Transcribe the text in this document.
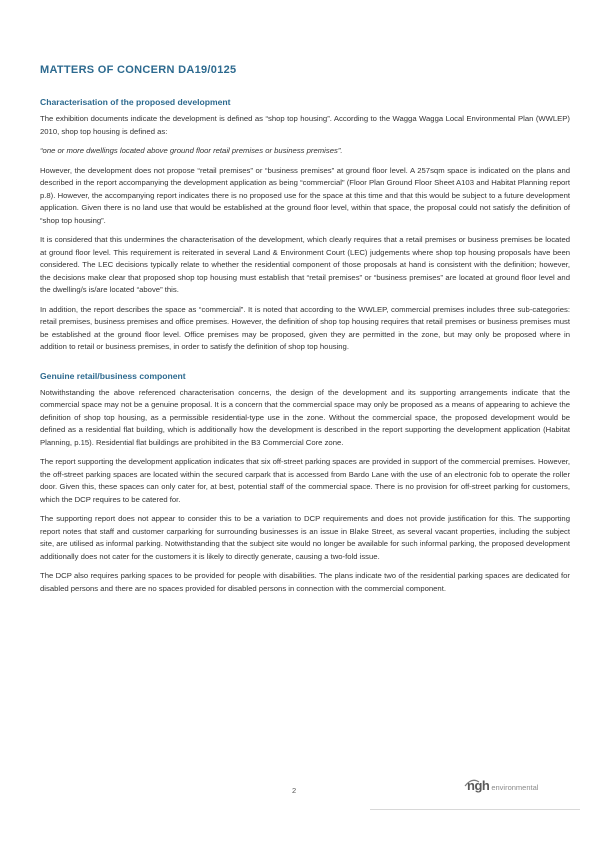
MATTERS OF CONCERN DA19/0125
Characterisation of the proposed development

The exhibition documents indicate the development is defined as “shop top housing”. According to the Wagga Wagga Local Environmental Plan (WWLEP) 2010, shop top housing is defined as:

“one or more dwellings located above ground floor retail premises or business premises”.

However, the development does not propose “retail premises” or “business premises” at ground floor level. A 257sqm space is indicated on the plans and described in the report accompanying the development application as being “commercial” (Floor Plan Ground Floor Sheet A103 and Habitat Planning report p.8). However, the accompanying report indicates there is no proposed use for the space at this time and that this would be subject to a future development application. Given there is no land use that would be established at the ground floor level, within that space, the proposal could not satisfy the definition of “shop top housing”.

It is considered that this undermines the characterisation of the development, which clearly requires that a retail premises or business premises be located at ground floor level. This requirement is reiterated in several Land & Environment Court (LEC) judgements where shop top housing proposals have been considered. The LEC decisions typically relate to whether the residential component of those proposals at hand is consistent with the definition; however, the decisions make clear that proposed shop top housing must establish that “retail premises” or “business premises” are located at ground floor level and the dwelling/s is/are located “above” this.

In addition, the report describes the space as “commercial”. It is noted that according to the WWLEP, commercial premises includes three sub-categories: retail premises, business premises and office premises. However, the definition of shop top housing requires that retail premises or business premises must be established at the ground floor level. Office premises may be proposed, given they are permitted in the zone, but may only be proposed where in addition to retail or business premises, in order to satisfy the definition of shop top housing.

Genuine retail/business component

Notwithstanding the above referenced characterisation concerns, the design of the development and its supporting arrangements indicate that the commercial space may not be a genuine proposal. It is a concern that the commercial space may only be proposed as a means of appearing to achieve the definition of shop top housing, as a permissible residential-type use in the zone. Without the commercial space, the proposed development would be defined as a residential flat building, which is additionally how the development is described in the report supporting the development application (Habitat Planning, p.15). Residential flat buildings are prohibited in the B3 Commercial Core zone.

The report supporting the development application indicates that six off-street parking spaces are provided in support of the commercial premises. However, the off-street parking spaces are located within the secured carpark that is accessed from Bardo Lane with the use of an electronic fob to operate the roller door. Given this, these spaces can only cater for, at best, potential staff of the commercial space. There is no provision for off-street parking for customers, which the DCP requires to be catered for.

The supporting report does not appear to consider this to be a variation to DCP requirements and does not provide justification for this. The supporting report notes that staff and customer carparking for surrounding businesses is an issue in Blake Street, as several vacant properties, including the subject site, are utilised as informal parking. Notwithstanding that the subject site would no longer be available for such informal parking, the proposed development additionally does not cater for the customers it is likely to directly generate, causing a two-fold issue.

The DCP also requires parking spaces to be provided for people with disabilities. The plans indicate two of the residential parking spaces are dedicated for disabled persons and there are no spaces provided for disabled persons in connection with the commercial component.

2	ngh environmental
